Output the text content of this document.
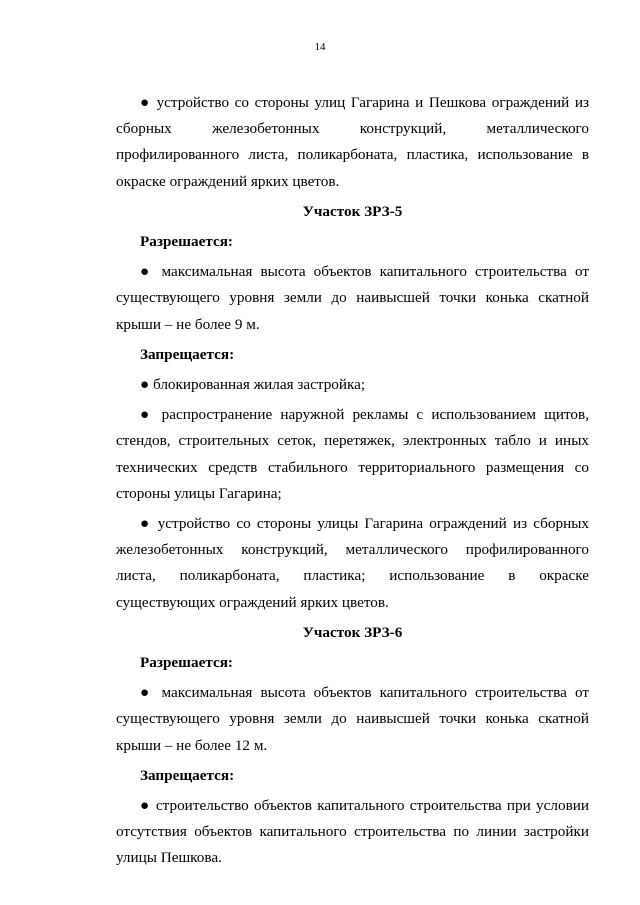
14

● устройство со стороны улиц Гагарина и Пешкова ограждений из сборных железобетонных конструкций, металлического профилированного листа, поликарбоната, пластика, использование в окраске ограждений ярких цветов.

Участок ЗРЗ-5

Разрешается:

● максимальная высота объектов капитального строительства от существующего уровня земли до наивысшей точки конька скатной крыши – не более 9 м.

Запрещается:

● блокированная жилая застройка;

● распространение наружной рекламы с использованием щитов, стендов, строительных сеток, перетяжек, электронных табло и иных технических средств стабильного территориального размещения со стороны улицы Гагарина;

● устройство со стороны улицы Гагарина ограждений из сборных железобетонных конструкций, металлического профилированного листа, поликарбоната, пластика; использование в окраске существующих ограждений ярких цветов.

Участок ЗРЗ-6

Разрешается:

● максимальная высота объектов капитального строительства от существующего уровня земли до наивысшей точки конька скатной крыши – не более 12 м.

Запрещается:

● строительство объектов капитального строительства при условии отсутствия объектов капитального строительства по линии застройки улицы Пешкова.
